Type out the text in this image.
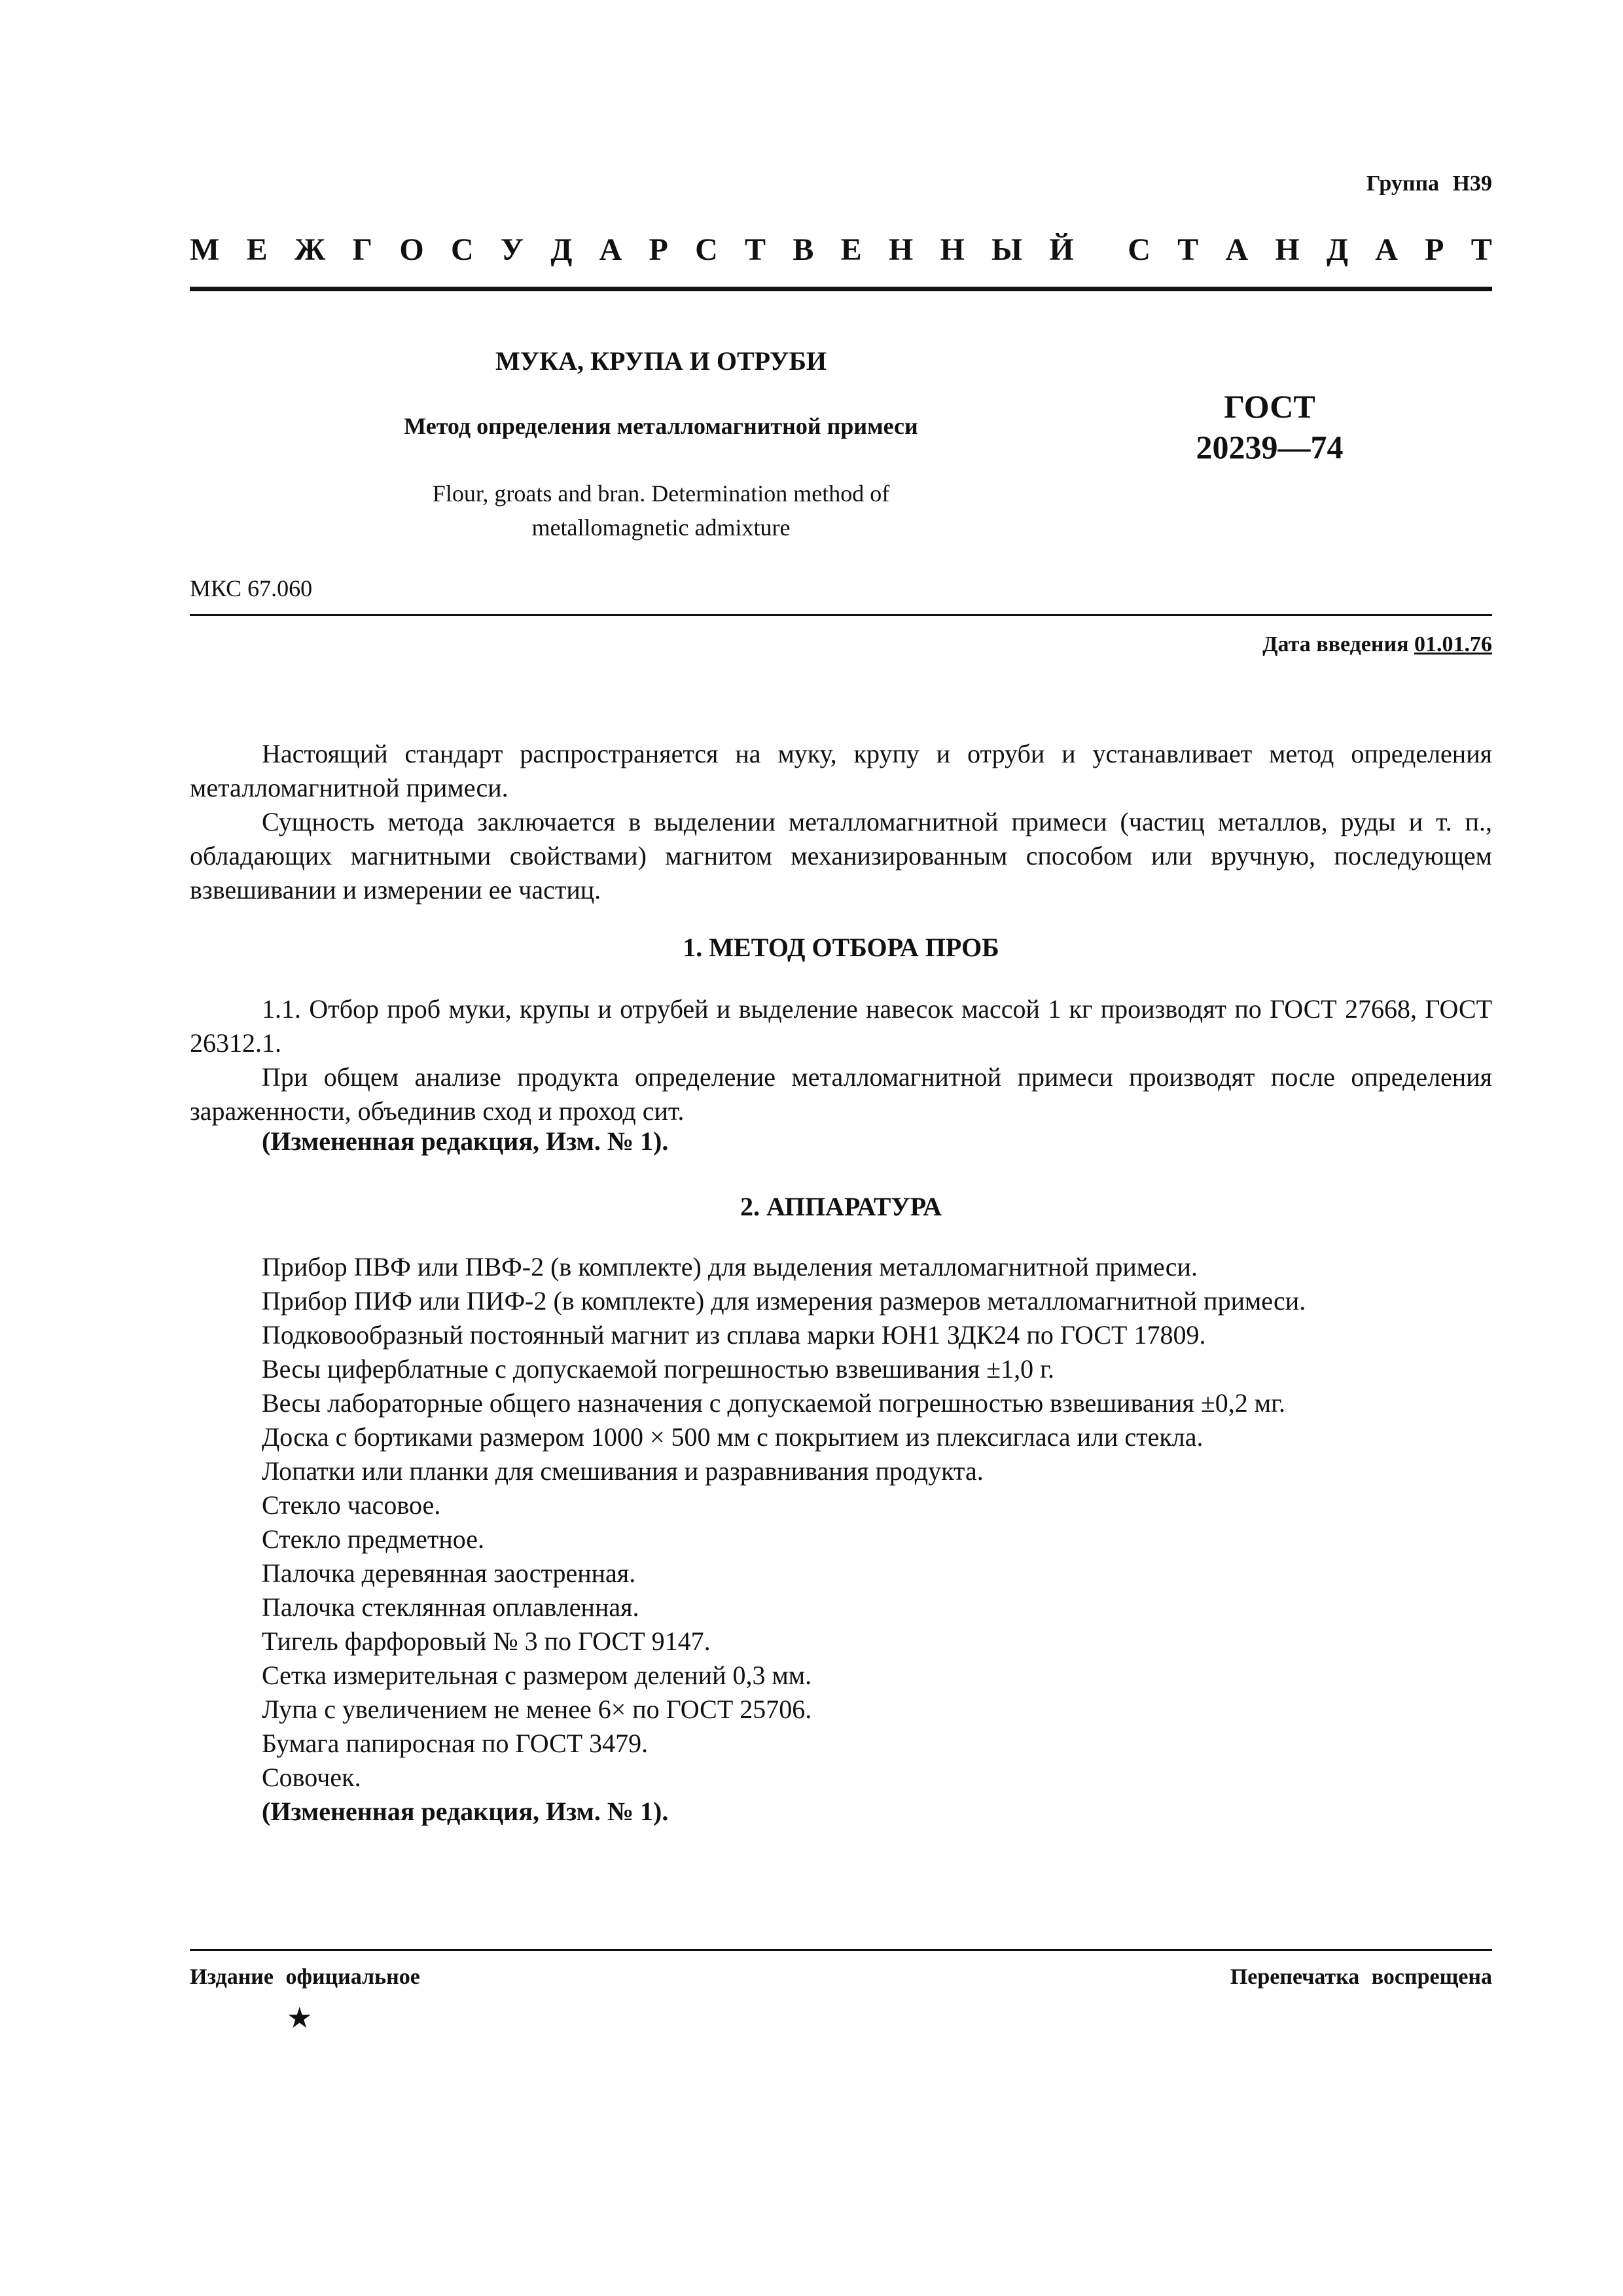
Группа Н39
М Е Ж Г О С У Д А Р С Т В Е Н Н Ы Й С Т А Н Д А Р Т
МУКА, КРУПА И ОТРУБИ
Метод определения металломагнитной примеси
Flour, groats and bran. Determination method of
metallomagnetic admixture
ГОСТ
20239—74
МКС 67.060
Дата введения 01.01.76

Настоящий стандарт распространяется на муку, крупу и отруби и устанавливает метод определения металломагнитной примеси.

Сущность метода заключается в выделении металломагнитной примеси (частиц металлов, руды и т. п., обладающих магнитными свойствами) магнитом механизированным способом или вручную, последующем взвешивании и измерении ее частиц.

1. МЕТОД ОТБОРА ПРОБ

1.1. Отбор проб муки, крупы и отрубей и выделение навесок массой 1 кг производят по ГОСТ 27668, ГОСТ 26312.1.

При общем анализе продукта определение металломагнитной примеси производят после определения зараженности, объединив сход и проход сит.

(Измененная редакция, Изм. № 1).
2. АППАРАТУРА
Прибор ПВФ или ПВФ-2 (в комплекте) для выделения металломагнитной примеси.
Прибор ПИФ или ПИФ-2 (в комплекте) для измерения размеров металломагнитной примеси.
Подковообразный постоянный магнит из сплава марки ЮН1 ЗДК24 по ГОСТ 17809.
Весы циферблатные с допускаемой погрешностью взвешивания ±1,0 г.
Весы лабораторные общего назначения с допускаемой погрешностью взвешивания ±0,2 мг.
Доска с бортиками размером 1000 × 500 мм с покрытием из плексигласа или стекла.
Лопатки или планки для смешивания и разравнивания продукта.
Стекло часовое.
Стекло предметное.
Палочка деревянная заостренная.
Палочка стеклянная оплавленная.
Тигель фарфоровый № 3 по ГОСТ 9147.
Сетка измерительная с размером делений 0,3 мм.
Лупа с увеличением не менее 6× по ГОСТ 25706.
Бумага папиросная по ГОСТ 3479.
Совочек.
(Измененная редакция, Изм. № 1).
Издание официальное	Перепечатка воспрещена
★
